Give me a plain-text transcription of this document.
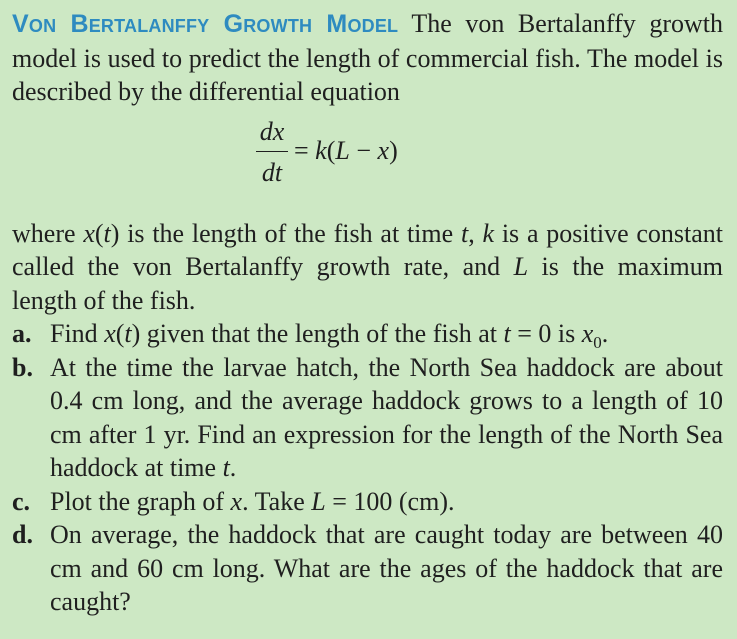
Von Bertalanffy Growth Model The von Bertalanffy growth model is used to predict the length of commercial fish. The model is described by the differential equation
dx
dt
= k(L − x)
where x(t) is the length of the fish at time t, k is a positive constant called the von Bertalanffy growth rate, and L is the maximum length of the fish.
a. Find x(t) given that the length of the fish at t = 0 is $x_0$.
b. At the time the larvae hatch, the North Sea haddock are about 0.4 cm long, and the average haddock grows to a length of 10 cm after 1 yr. Find an expression for the length of the North Sea haddock at time t.
c. Plot the graph of x. Take L = 100 (cm).
d. On average, the haddock that are caught today are between 40 cm and 60 cm long. What are the ages of the haddock that are caught?
